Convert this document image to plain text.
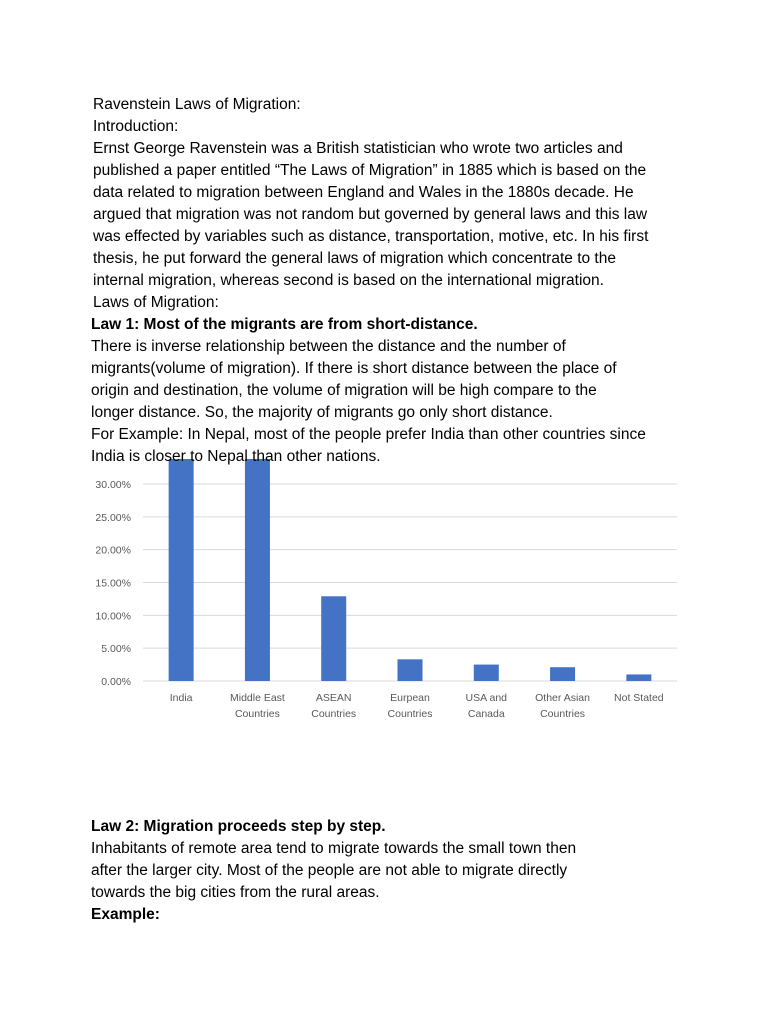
0.00%
5.00%
10.00%
15.00%
20.00%
25.00%
30.00%
India	Middle East Countries
ASEAN Countries
Eurpean Countries
USA and Canada
Other Asian Countries
Not Stated
Ravenstein Laws of Migration:
Introduction:
Ernst George Ravenstein was a British statistician who wrote two articles and
published a paper entitled “The Laws of Migration” in 1885 which is based on the
data related to migration between England and Wales in the 1880s decade. He
argued that migration was not random but governed by general laws and this law
was effected by variables such as distance, transportation, motive, etc. In his first
thesis, he put forward the general laws of migration which concentrate to the
internal migration, whereas second is based on the international migration.
Laws of Migration:
Law 1: Most of the migrants are from short-distance.
There is inverse relationship between the distance and the number of
migrants(volume of migration). If there is short distance between the place of
origin and destination, the volume of migration will be high compare to the
longer distance. So, the majority of migrants go only short distance.
For Example: In Nepal, most of the people prefer India than other countries since
India is closer to Nepal than other nations.
Law 2: Migration proceeds step by step.
Inhabitants of remote area tend to migrate towards the small town then
after the larger city. Most of the people are not able to migrate directly
towards the big cities from the rural areas.
Example:
